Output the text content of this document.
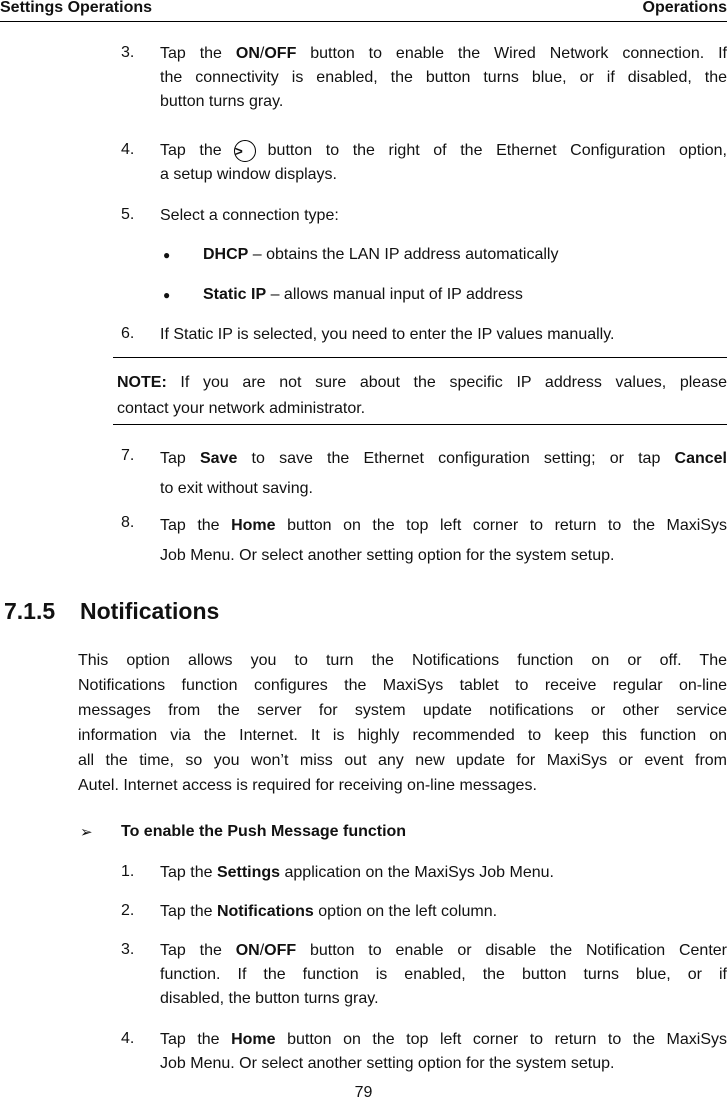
Settings Operations	Operations
3. Tap the ON/OFF button to enable the Wired Network connection. If
the connectivity is enabled, the button turns blue, or if disabled, the
button turns gray.
4. Tap the > button to the right of the Ethernet Configuration option,
a setup window displays.
5. Select a connection type:
● DHCP – obtains the LAN IP address automatically
● Static IP – allows manual input of IP address
6. If Static IP is selected, you need to enter the IP values manually.
NOTE: If you are not sure about the specific IP address values, please
contact your network administrator.
7. Tap Save to save the Ethernet configuration setting; or tap Cancel
to exit without saving.
8. Tap the Home button on the top left corner to return to the MaxiSys
Job Menu. Or select another setting option for the system setup.
7.1.5 Notifications
This option allows you to turn the Notifications function on or off. The
Notifications function configures the MaxiSys tablet to receive regular on-line
messages from the server for system update notifications or other service
information via the Internet. It is highly recommended to keep this function on
all the time, so you won’t miss out any new update for MaxiSys or event from
Autel. Internet access is required for receiving on-line messages.
➢ To enable the Push Message function
1. Tap the Settings application on the MaxiSys Job Menu.
2. Tap the Notifications option on the left column.
3. Tap the ON/OFF button to enable or disable the Notification Center
function. If the function is enabled, the button turns blue, or if
disabled, the button turns gray.
4. Tap the Home button on the top left corner to return to the MaxiSys
Job Menu. Or select another setting option for the system setup.
79
